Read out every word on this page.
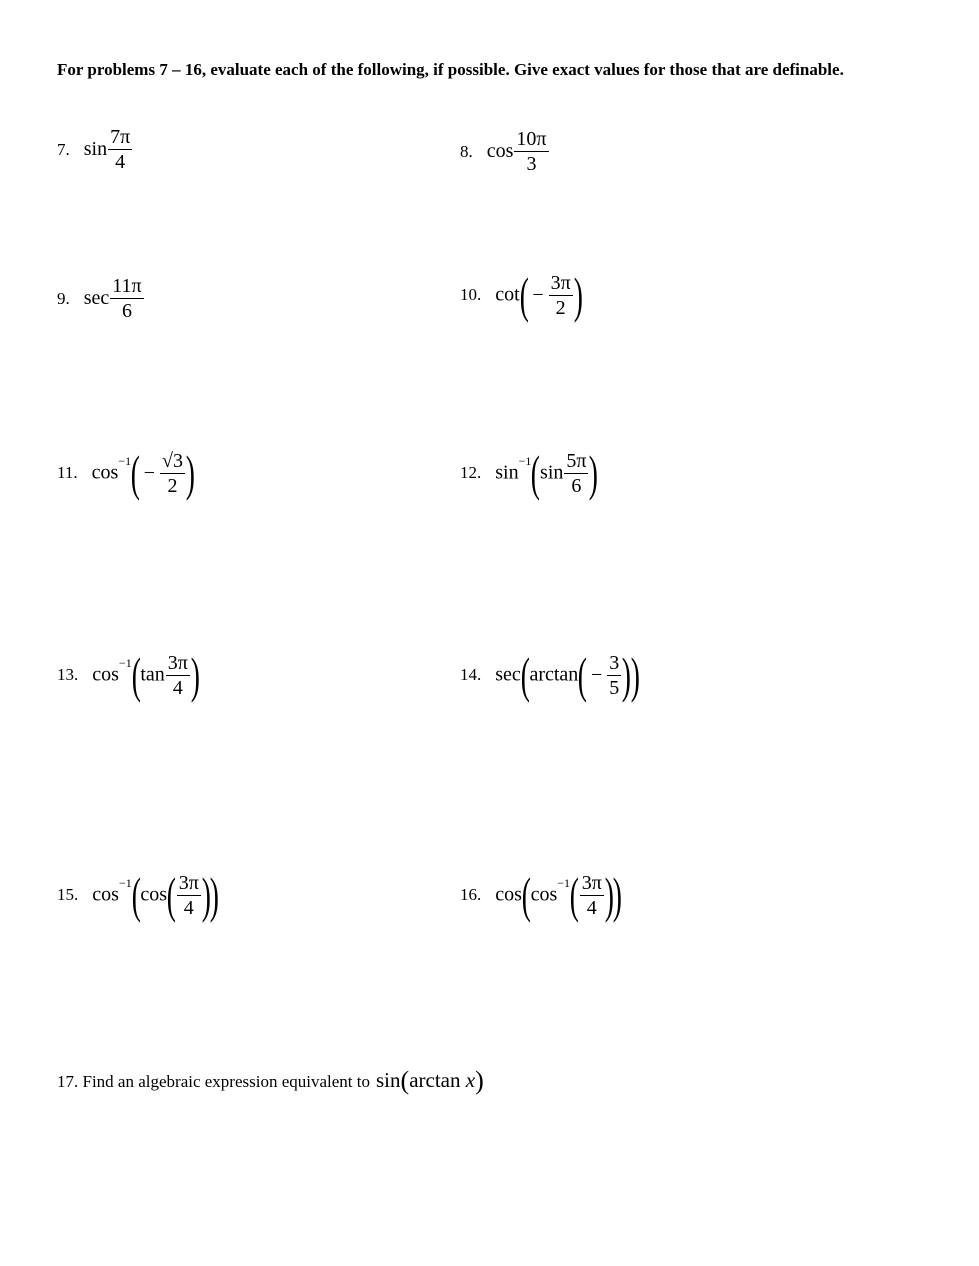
For problems 7 – 16, evaluate each of the following, if possible. Give exact values for those that are definable.
7. $\sin \frac{7\pi}{4}$	8. $\cos \frac{10\pi}{3}$
9. $\sec \frac{11\pi}{6}$	10. $\cot( - \frac{3\pi}{2}$ )
11. $\cos^{-1}( - \frac{√3}{2}$ )	12. $\sin^{-1}(\sin \frac{5\pi}{6}$ )
13. $\cos^{-1}(\tan \frac{3\pi}{4}$ )	14. $\sec(\arctan( - \frac{3}{5}$ ))
15. $\cos^{-1}(\cos( \frac{3\pi}{4}$ ))	16. $\cos(\cos^{-1}( \frac{3\pi}{4}$ ))
17. Find an algebraic expression equivalent to sin(arctan x)
